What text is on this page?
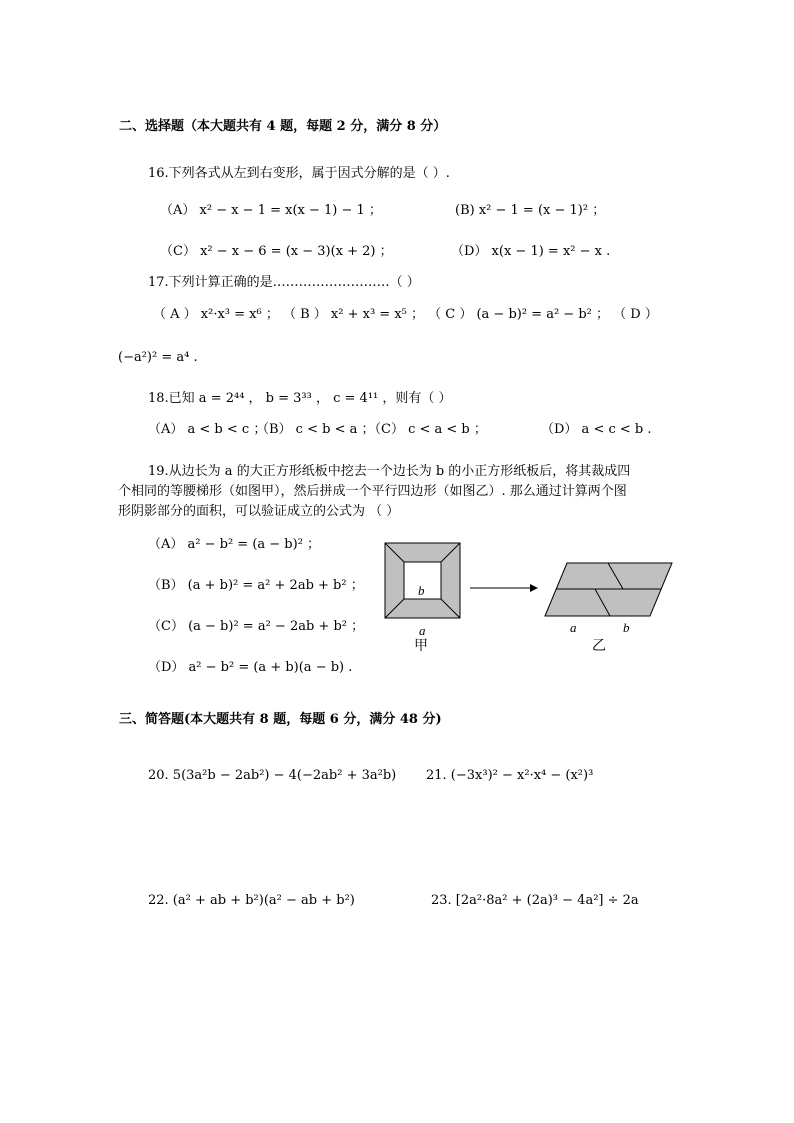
二、选择题（本大题共有 4 题，每题 2 分，满分 8 分）
16.下列各式从左到右变形，属于因式分解的是（ ）.
（A） x² − x − 1 = x(x − 1) − 1 ；	(B) x² − 1 = (x − 1)² ；
（C） x² − x − 6 = (x − 3)(x + 2) ；	（D） x(x − 1) = x² − x .
17.下列计算正确的是………………………（ ）
（ A ） x²·x³ = x⁶ ； （ B ） x² + x³ = x⁵ ； （ C ） (a − b)² = a² − b² ； （ D ）
(−a²)² = a⁴ .
18.已知 a = 2⁴⁴ ， b = 3³³ ， c = 4¹¹ ，则有（ ）
（A） a < b < c ；
（B） c < b < a ；
（C） c < a < b ；	（D） a < c < b .
19.从边长为 a 的大正方形纸板中挖去一个边长为 b 的小正方形纸板后，将其裁成四
个相同的等腰梯形（如图甲），然后拼成一个平行四边形（如图乙）. 那么通过计算两个图
形阴影部分的面积，可以验证成立的公式为 （ ）
（A） a² − b² = (a − b)² ；
（B） (a + b)² = a² + 2ab + b² ；
（C） (a − b)² = a² − 2ab + b² ；
（D） a² − b² = (a + b)(a − b) .
b
a	a	b
甲	乙
三、简答题(本大题共有 8 题，每题 6 分，满分 48 分)
20. 5(3a²b − 2ab²) − 4(−2ab² + 3a²b) 21. (−3x³)² − x²·x⁴ − (x²)³
22. (a² + ab + b²)(a² − ab + b²)	23. [2a²·8a² + (2a)³ − 4a²] ÷ 2a
